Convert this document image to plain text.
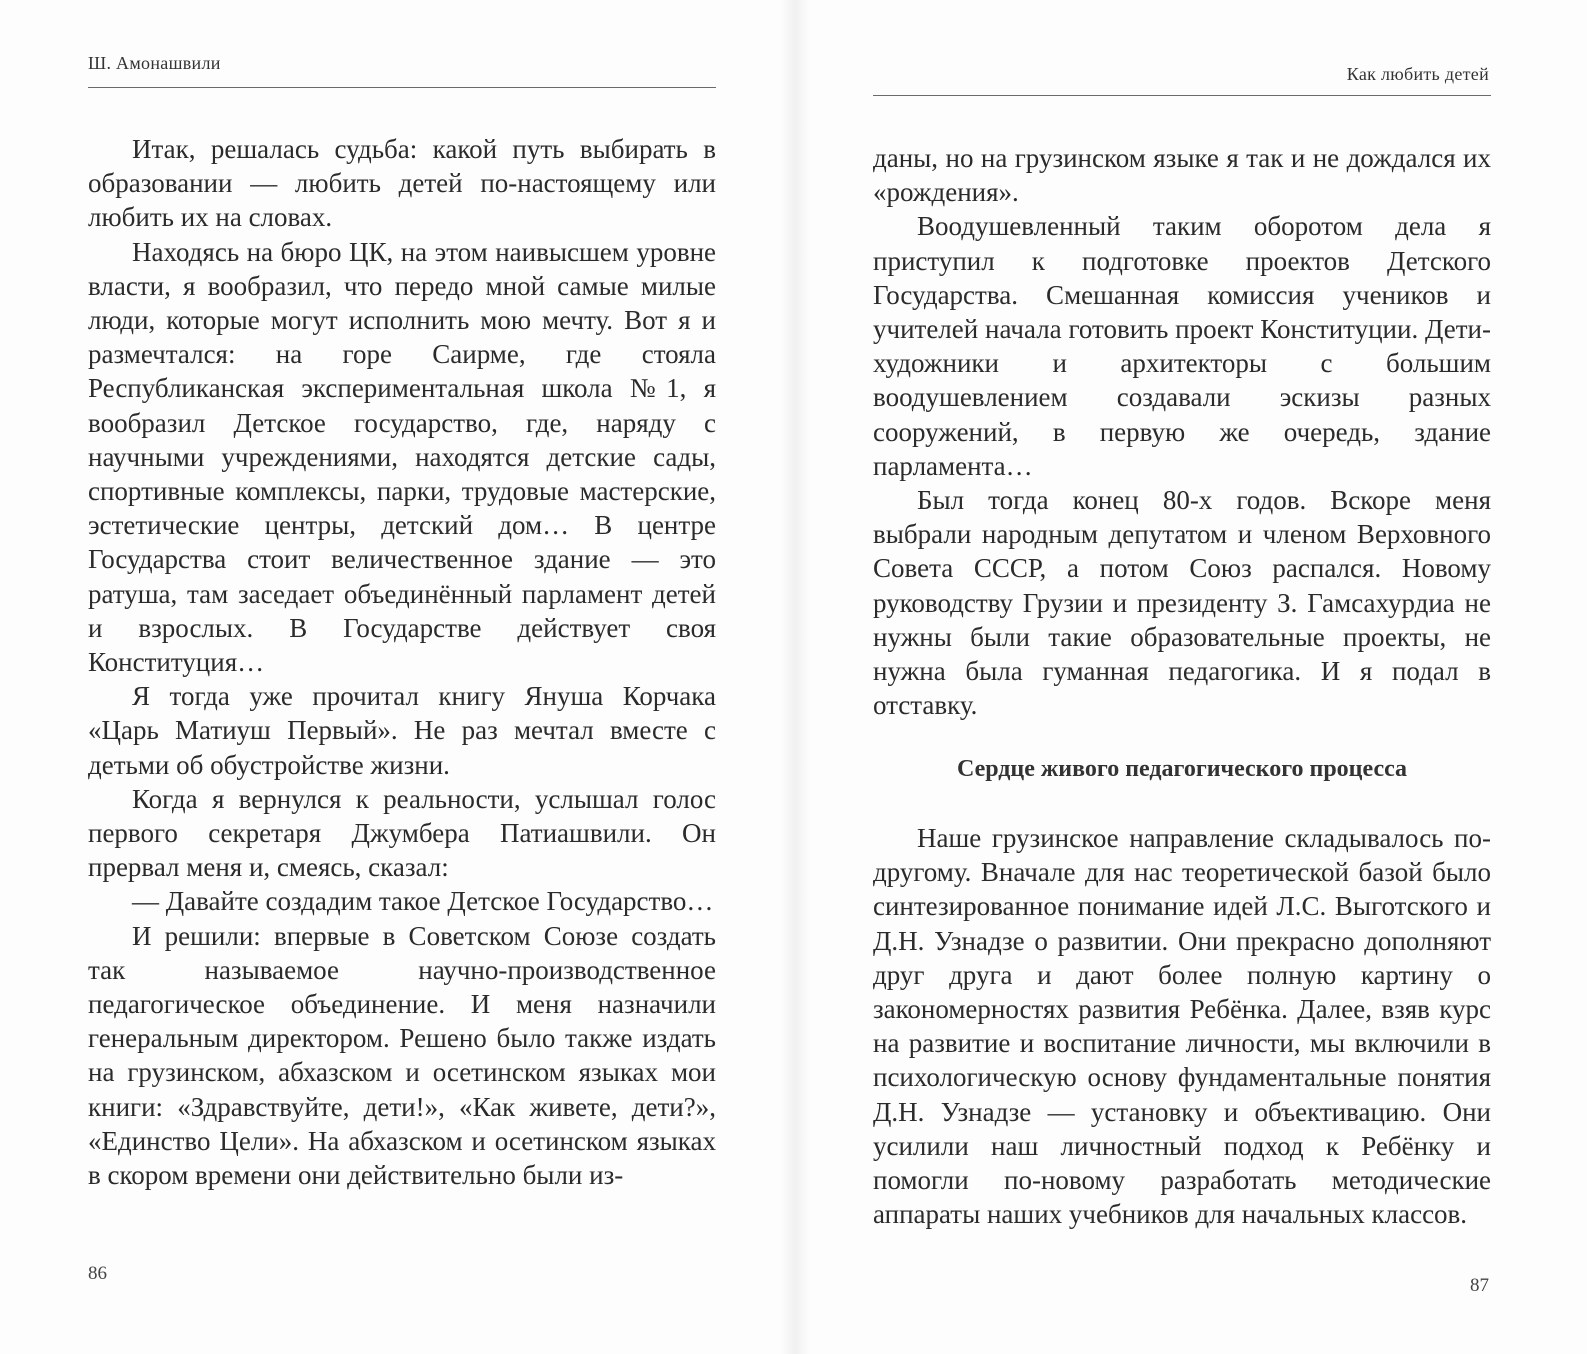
Ш. Амонашвили

Итак, решалась судьба: какой путь выбирать в образовании — любить детей по-настоящему или любить их на словах.

Находясь на бюро ЦК, на этом наивысшем уровне власти, я вообразил, что передо мной самые милые люди, которые могут исполнить мою мечту. Вот я и размечтался: на горе Саирме, где стояла Республиканская экспериментальная школа №1, я вообразил Детское государство, где, наряду с научными учреждениями, находятся детские сады, спортивные комплексы, парки, трудовые мастерские, эстетические центры, детский дом… В центре Государства стоит величественное здание — это ратуша, там заседает объединённый парламент детей и взрослых. В Государстве действует своя Конституция…

Я тогда уже прочитал книгу Януша Корчака «Царь Матиуш Первый». Не раз мечтал вместе с детьми об обустройстве жизни.

Когда я вернулся к реальности, услышал голос первого секретаря Джумбера Патиашвили. Он прервал меня и, смеясь, сказал:

— Давайте создадим такое Детское Государство…

И решили: впервые в Советском Союзе создать так называемое научно-производственное педагогическое объединение. И меня назначили генеральным директором. Решено было также издать на грузинском, абхазском и осетинском языках мои книги: «Здравствуйте, дети!», «Как живете, дети?», «Единство Цели». На абхазском и осетинском языках в скором времени они действительно были из-

86
Как любить детей

даны, но на грузинском языке я так и не дождался их «рождения».

Воодушевленный таким оборотом дела я приступил к подготовке проектов Детского Государства. Смешанная комиссия учеников и учителей начала готовить проект Конституции. Дети-художники и архитекторы с большим воодушевлением создавали эскизы разных сооружений, в первую же очередь, здание парламента…

Был тогда конец 80-х годов. Вскоре меня выбрали народным депутатом и членом Верховного Совета СССР, а потом Союз распался. Новому руководству Грузии и президенту З. Гамсахурдиа не нужны были такие образовательные проекты, не нужна была гуманная педагогика. И я подал в отставку.

Сердце живого педагогического процесса

Наше грузинское направление складывалось по-другому. Вначале для нас теоретической базой было синтезированное понимание идей Л.С. Выготского и Д.Н. Узнадзе о развитии. Они прекрасно дополняют друг друга и дают более полную картину о закономерностях развития Ребёнка. Далее, взяв курс на развитие и воспитание личности, мы включили в психологическую основу фундаментальные понятия Д.Н. Узнадзе — установку и объективацию. Они усилили наш личностный подход к Ребёнку и помогли по-новому разработать методические аппараты наших учебников для начальных классов.

87
